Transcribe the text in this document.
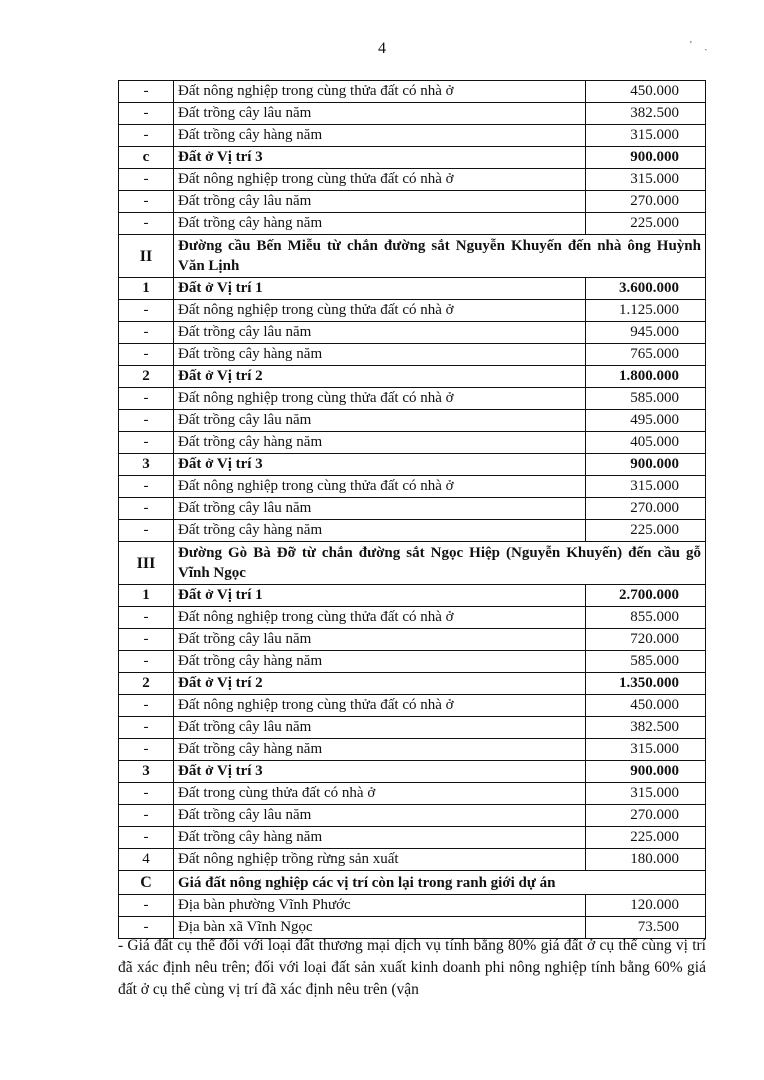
4	'     ˎ
-	Đất nông nghiệp trong cùng thửa đất có nhà ở	450.000
-	Đất trồng cây lâu năm	382.500
-	Đất trồng cây hàng năm	315.000
c	Đất ở Vị trí 3	900.000
-	Đất nông nghiệp trong cùng thửa đất có nhà ở	315.000
-	Đất trồng cây lâu năm	270.000
-	Đất trồng cây hàng năm	225.000
II	Đường cầu Bến Miễu từ chắn đường sắt Nguyễn Khuyến đến nhà ông Huỳnh Văn Lịnh	
1	Đất ở Vị trí 1	3.600.000
-	Đất nông nghiệp trong cùng thửa đất có nhà ở	1.125.000
-	Đất trồng cây lâu năm	945.000
-	Đất trồng cây hàng năm	765.000
2	Đất ở Vị trí 2	1.800.000
-	Đất nông nghiệp trong cùng thửa đất có nhà ở	585.000
-	Đất trồng cây lâu năm	495.000
-	Đất trồng cây hàng năm	405.000
3	Đất ở Vị trí 3	900.000
-	Đất nông nghiệp trong cùng thửa đất có nhà ở	315.000
-	Đất trồng cây lâu năm	270.000
-	Đất trồng cây hàng năm	225.000
III	Đường Gò Bà Đỡ từ chắn đường sắt Ngọc Hiệp (Nguyễn Khuyến) đến cầu gỗ Vĩnh Ngọc	
1	Đất ở Vị trí 1	2.700.000
-	Đất nông nghiệp trong cùng thửa đất có nhà ở	855.000
-	Đất trồng cây lâu năm	720.000
-	Đất trồng cây hàng năm	585.000
2	Đất ở Vị trí 2	1.350.000
-	Đất nông nghiệp trong cùng thửa đất có nhà ở	450.000
-	Đất trồng cây lâu năm	382.500
-	Đất trồng cây hàng năm	315.000
3	Đất ở Vị trí 3	900.000
-	Đất trong cùng thửa đất có nhà ở	315.000
-	Đất trồng cây lâu năm	270.000
-	Đất trồng cây hàng năm	225.000
4	Đất nông nghiệp trồng rừng sản xuất	180.000
C	Giá đất nông nghiệp các vị trí còn lại trong ranh giới dự án	
-	Địa bàn phường Vĩnh Phước	120.000
-	Địa bàn xã Vĩnh Ngọc	73.500
- Giá đất cụ thể đối với loại đất thương mại dịch vụ tính bằng 80% giá đất ở cụ thể cùng vị trí đã xác định nêu trên; đối với loại đất sản xuất kinh doanh phi nông nghiệp tính bằng 60% giá đất ở cụ thể cùng vị trí đã xác định nêu trên (vận
